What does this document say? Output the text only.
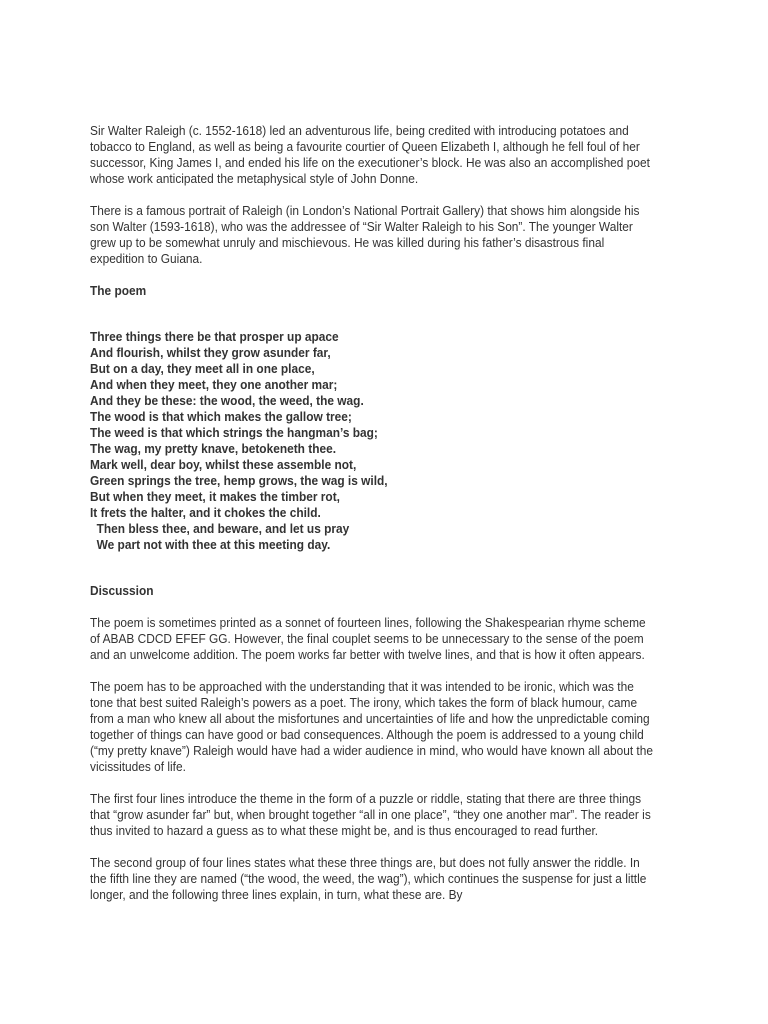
Sir Walter Raleigh (c. 1552-1618) led an adventurous life, being credited with introducing potatoes and tobacco to England, as well as being a favourite courtier of Queen Elizabeth I, although he fell foul of her successor, King James I, and ended his life on the executioner’s block. He was also an accomplished poet whose work anticipated the metaphysical style of John Donne.

There is a famous portrait of Raleigh (in London’s National Portrait Gallery) that shows him alongside his son Walter (1593-1618), who was the addressee of “Sir Walter Raleigh to his Son”. The younger Walter grew up to be somewhat unruly and mischievous. He was killed during his father’s disastrous final expedition to Guiana.

The poem

Three things there be that prosper up apace
And flourish, whilst they grow asunder far,
But on a day, they meet all in one place,
And when they meet, they one another mar;
And they be these: the wood, the weed, the wag.
The wood is that which makes the gallow tree;
The weed is that which strings the hangman’s bag;
The wag, my pretty knave, betokeneth thee.
Mark well, dear boy, whilst these assemble not,
Green springs the tree, hemp grows, the wag is wild,
But when they meet, it makes the timber rot,
It frets the halter, and it chokes the child.
Then bless thee, and beware, and let us pray
We part not with thee at this meeting day.

Discussion

The poem is sometimes printed as a sonnet of fourteen lines, following the Shakespearian rhyme scheme of ABAB CDCD EFEF GG. However, the final couplet seems to be unnecessary to the sense of the poem and an unwelcome addition. The poem works far better with twelve lines, and that is how it often appears.

The poem has to be approached with the understanding that it was intended to be ironic, which was the tone that best suited Raleigh’s powers as a poet. The irony, which takes the form of black humour, came from a man who knew all about the misfortunes and uncertainties of life and how the unpredictable coming together of things can have good or bad consequences. Although the poem is addressed to a young child (“my pretty knave”) Raleigh would have had a wider audience in mind, who would have known all about the vicissitudes of life.

The first four lines introduce the theme in the form of a puzzle or riddle, stating that there are three things that “grow asunder far” but, when brought together “all in one place”, “they one another mar”. The reader is thus invited to hazard a guess as to what these might be, and is thus encouraged to read further.

The second group of four lines states what these three things are, but does not fully answer the riddle. In the fifth line they are named (“the wood, the weed, the wag”), which continues the suspense for just a little longer, and the following three lines explain, in turn, what these are. By
